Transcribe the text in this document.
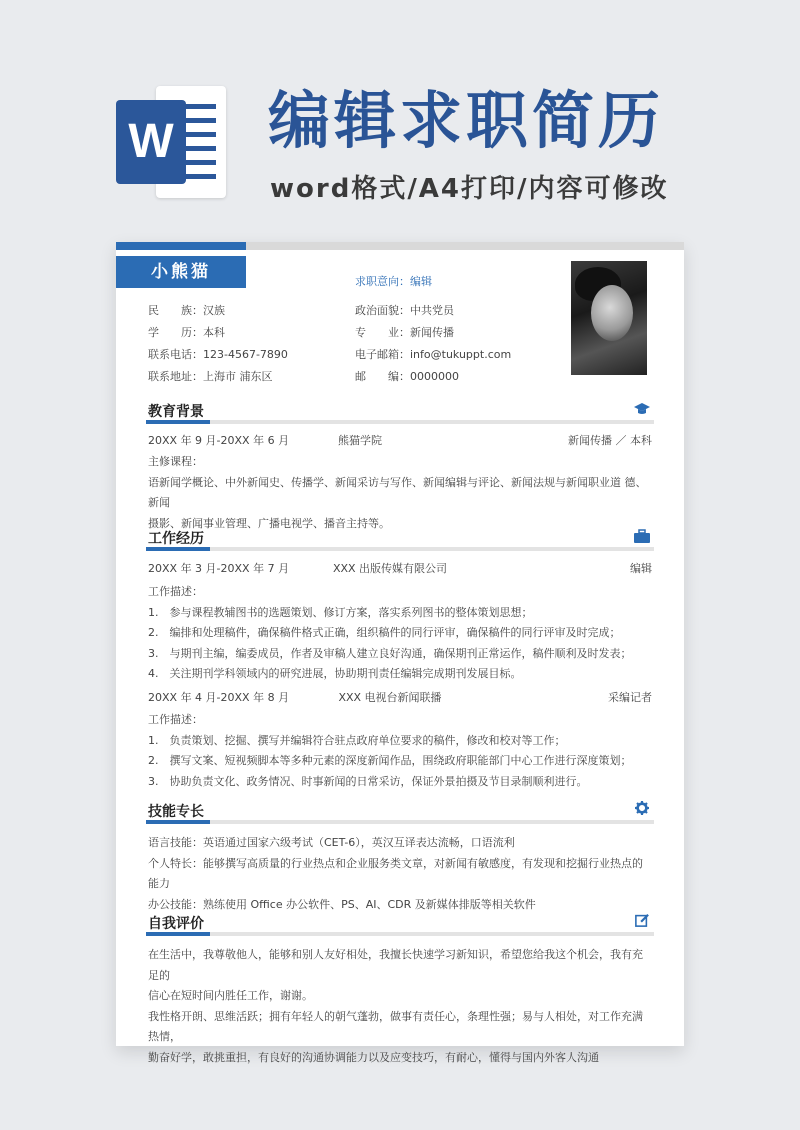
W 编辑求职简历
word格式/A4打印/内容可修改
小熊猫	求职意向：编辑
民　　族：汉族	政治面貌：中共党员
学　　历：本科	专　　业：新闻传播
联系电话：123-4567-7890	电子邮箱：info@tukuppt.com
联系地址：上海市 浦东区	邮　　编：0000000
教育背景
20XX 年 9 月-20XX 年 6 月	熊猫学院	新闻传播 ／ 本科
主修课程：
语新闻学概论、中外新闻史、传播学、新闻采访与写作、新闻编辑与评论、新闻法规与新闻职业道 德、新闻
摄影、新闻事业管理、广播电视学、播音主持等。
工作经历
20XX 年 3 月-20XX 年 7 月	XXX 出版传媒有限公司	编辑
工作描述：
1.　参与课程教辅图书的选题策划、修订方案，落实系列图书的整体策划思想；
2.　编排和处理稿件，确保稿件格式正确，组织稿件的同行评审，确保稿件的同行评审及时完成；
3.　与期刊主编，编委成员，作者及审稿人建立良好沟通，确保期刊正常运作，稿件顺利及时发表；
4.　关注期刊学科领域内的研究进展，协助期刊责任编辑完成期刊发展目标。
20XX 年 4 月-20XX 年 8 月	XXX 电视台新闻联播	采编记者
工作描述：
1.　负责策划、挖掘、撰写并编辑符合驻点政府单位要求的稿件，修改和校对等工作；
2.　撰写文案、短视频脚本等多种元素的深度新闻作品，围绕政府职能部门中心工作进行深度策划；
3.　协助负责文化、政务情况、时事新闻的日常采访，保证外景拍摄及节目录制顺利进行。
技能专长
语言技能：英语通过国家六级考试（CET-6），英汉互译表达流畅，口语流利
个人特长：能够撰写高质量的行业热点和企业服务类文章，对新闻有敏感度，有发现和挖掘行业热点的能力
办公技能：熟练使用 Office 办公软件、PS、AI、CDR 及新媒体排版等相关软件
自我评价
在生活中，我尊敬他人，能够和别人友好相处，我擅长快速学习新知识，希望您给我这个机会，我有充足的
信心在短时间内胜任工作，谢谢。
我性格开朗、思维活跃；拥有年轻人的朝气蓬勃，做事有责任心，条理性强；易与人相处，对工作充满热情，
勤奋好学，敢挑重担，有良好的沟通协调能力以及应变技巧，有耐心，懂得与国内外客人沟通
